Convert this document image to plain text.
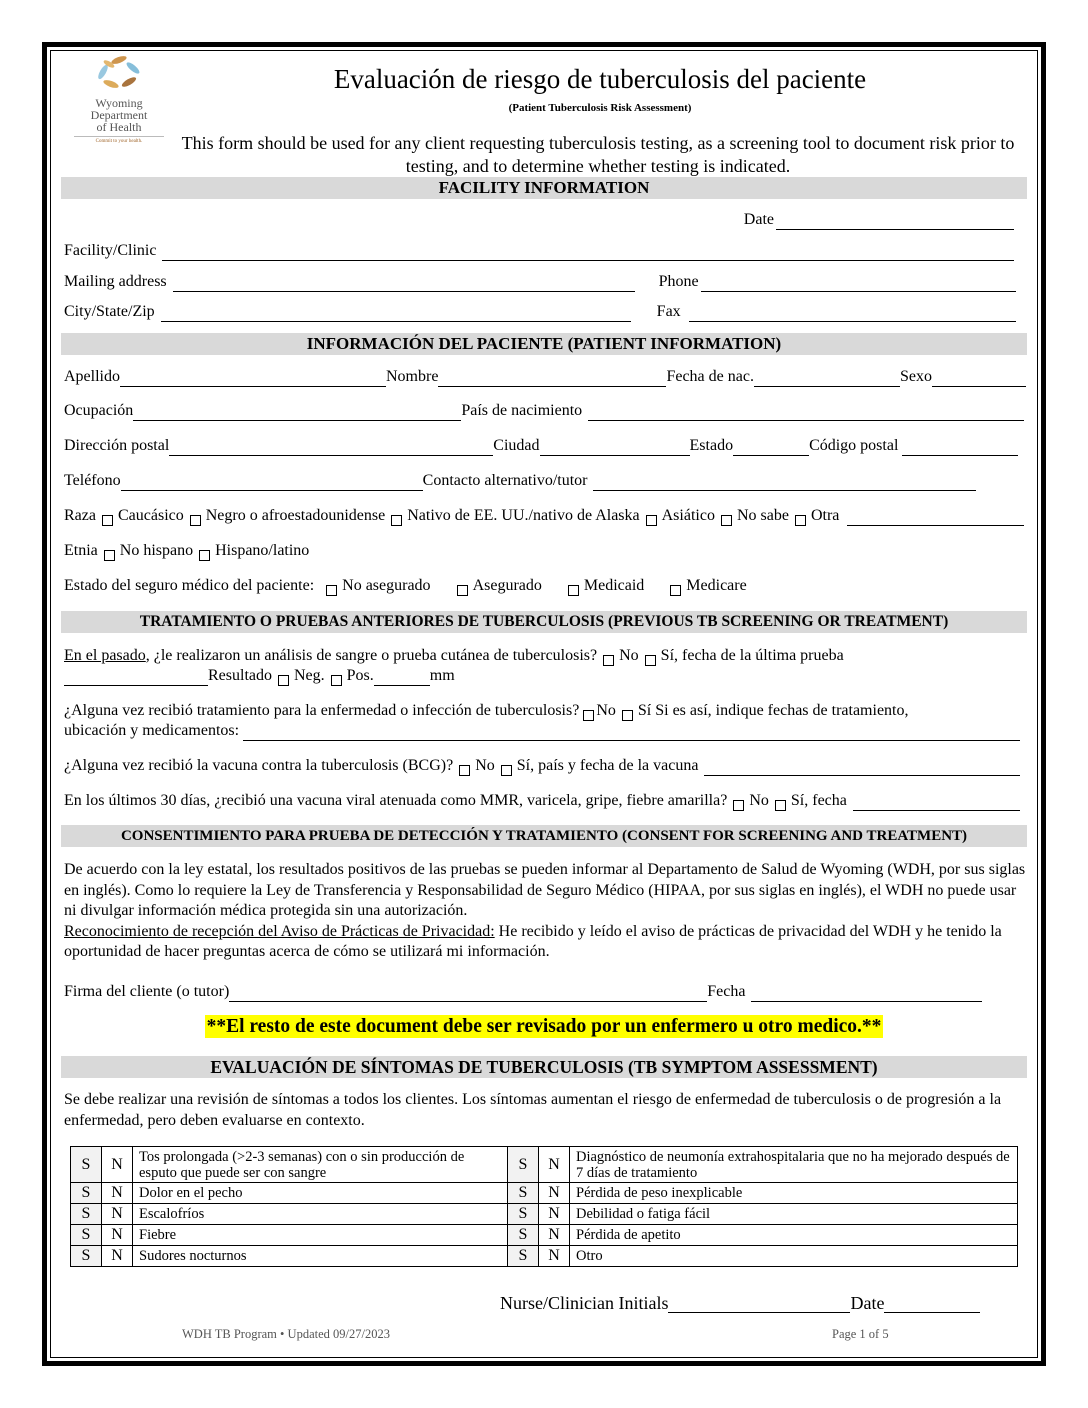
Wyoming
Department
of Health
Commit to your health.
Evaluación de riesgo de tuberculosis del paciente
(Patient Tuberculosis Risk Assessment)
This form should be used for any client requesting tuberculosis testing, as a screening tool to document risk prior to testing, and to determine whether testing is indicated.
FACILITY INFORMATION
Date
Facility/Clinic
Mailing address	Phone
City/State/Zip	Fax
INFORMACIÓN DEL PACIENTE (PATIENT INFORMATION)
Apellido	Nombre	Fecha de nac.	Sexo
Ocupación	País de nacimiento
Dirección postal	Ciudad	Estado	Código postal
Teléfono	Contacto alternativo/tutor
Raza Caucásico Negro o afroestadounidense Nativo de EE. UU./nativo de Alaska Asiático No sabe Otra
Etnia No hispano Hispano/latino
Estado del seguro médico del paciente: No asegurado	Asegurado	Medicaid	Medicare
TRATAMIENTO O PRUEBAS ANTERIORES DE TUBERCULOSIS (PREVIOUS TB SCREENING OR TREATMENT)
En el pasado , ¿le realizaron un análisis de sangre o prueba cutánea de tuberculosis? No Sí, fecha de la última prueba
Resultado Neg. Pos.	mm
¿Alguna vez recibió tratamiento para la enfermedad o infección de tuberculosis? No Sí Si es así, indique fechas de tratamiento,
ubicación y medicamentos:
¿Alguna vez recibió la vacuna contra la tuberculosis (BCG)? No Sí, país y fecha de la vacuna
En los últimos 30 días, ¿recibió una vacuna viral atenuada como MMR, varicela, gripe, fiebre amarilla? No Sí, fecha
CONSENTIMIENTO PARA PRUEBA DE DETECCIÓN Y TRATAMIENTO (CONSENT FOR SCREENING AND TREATMENT)
De acuerdo con la ley estatal, los resultados positivos de las pruebas se pueden informar al Departamento de Salud de Wyoming (WDH, por sus siglas en inglés). Como lo requiere la Ley de Transferencia y Responsabilidad de Seguro Médico (HIPAA, por sus siglas en inglés), el WDH no puede usar ni divulgar información médica protegida sin una autorización.
Reconocimiento de recepción del Aviso de Prácticas de Privacidad: He recibido y leído el aviso de prácticas de privacidad del WDH y he tenido la oportunidad de hacer preguntas acerca de cómo se utilizará mi información.
Firma del cliente (o tutor)	Fecha
**El resto de este document debe ser revisado por un enfermero u otro medico.**
EVALUACIÓN DE SÍNTOMAS DE TUBERCULOSIS (TB SYMPTOM ASSESSMENT)
Se debe realizar una revisión de síntomas a todos los clientes. Los síntomas aumentan el riesgo de enfermedad de tuberculosis o de progresión a la enfermedad, pero deben evaluarse en contexto.
S	N	Tos prolongada (>2-3 semanas) con o sin producción de esputo que puede ser con sangre	S	N	Diagnóstico de neumonía extrahospitalaria que no ha mejorado después de 7 días de tratamiento
S	N	Dolor en el pecho	S	N	Pérdida de peso inexplicable
S	N	Escalofríos	S	N	Debilidad o fatiga fácil
S	N	Fiebre	S	N	Pérdida de apetito
S	N	Sudores nocturnos	S	N	Otro
Nurse/Clinician Initials	Date
WDH TB Program • Updated 09/27/2023	Page 1 of 5
